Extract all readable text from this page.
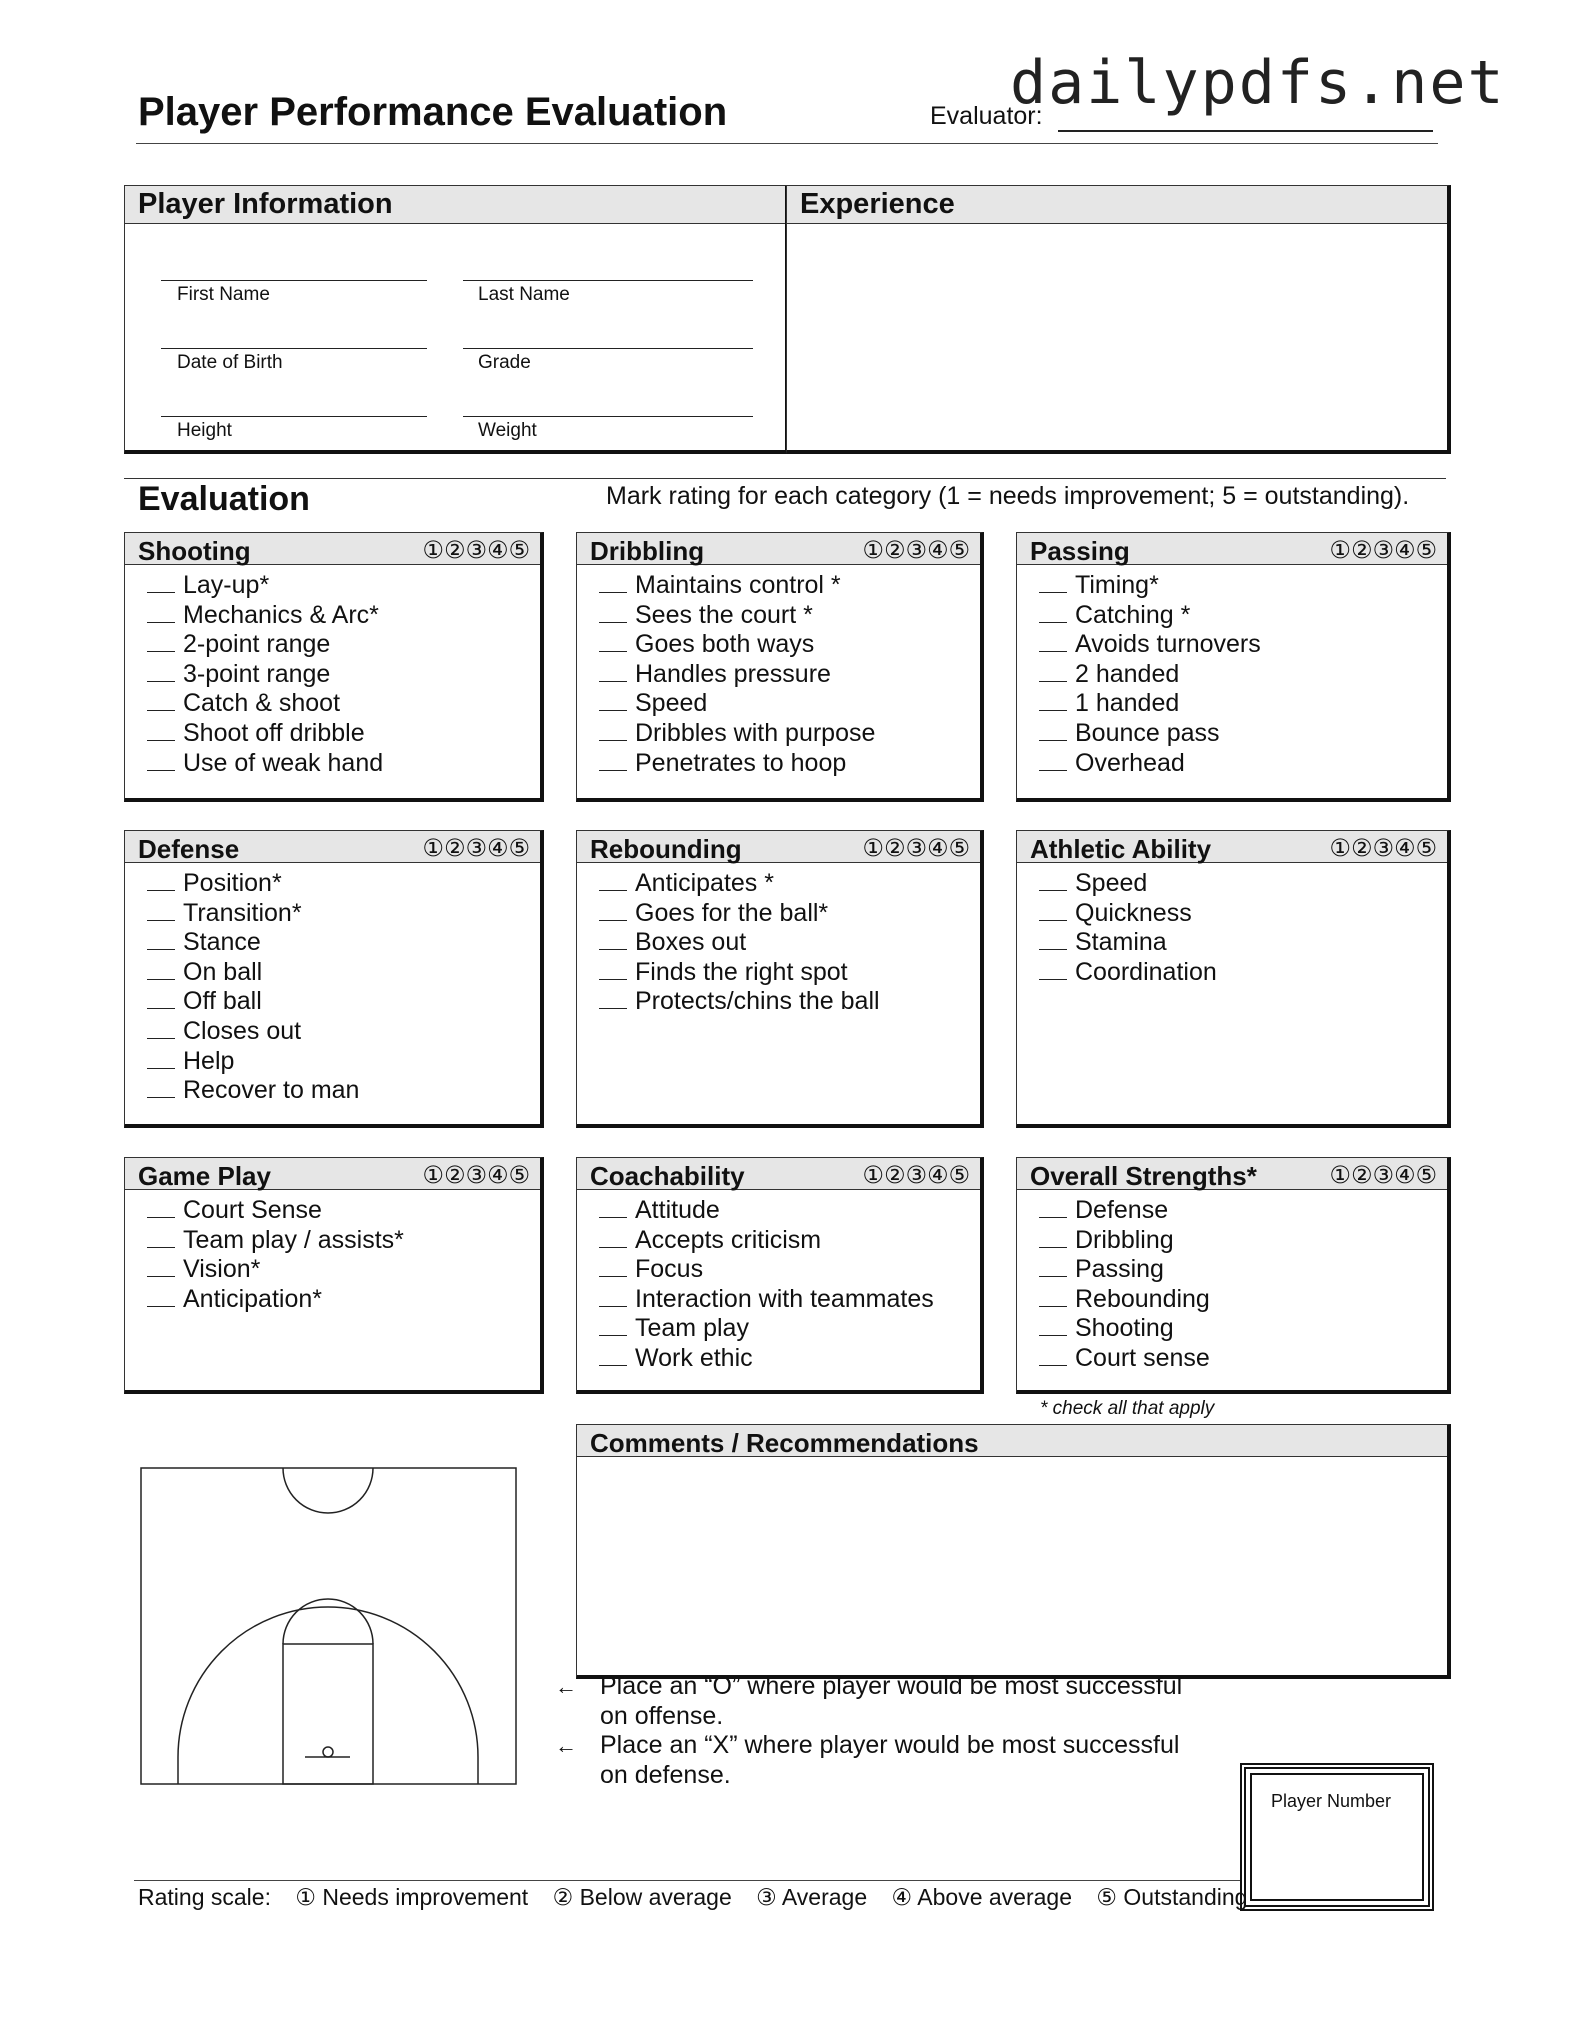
dailypdfs.net
Player Performance Evaluation	Evaluator:
Player Information
First Name	Last Name
Date of Birth	Grade
Height	Weight
Experience
Evaluation	Mark rating for each category (1 = needs improvement; 5 = outstanding).
Shooting	①②③④⑤
Lay-up*
Mechanics & Arc*
2-point range
3-point range
Catch & shoot
Shoot off dribble
Use of weak hand
Dribbling	①②③④⑤
Maintains control *
Sees the court *
Goes both ways
Handles pressure
Speed
Dribbles with purpose
Penetrates to hoop
Passing	①②③④⑤
Timing*
Catching *
Avoids turnovers
2 handed
1 handed
Bounce pass
Overhead
Defense	①②③④⑤
Position*
Transition*
Stance
On ball
Off ball
Closes out
Help
Recover to man
Rebounding	①②③④⑤
Anticipates *
Goes for the ball*
Boxes out
Finds the right spot
Protects/chins the ball
Athletic Ability	①②③④⑤
Speed
Quickness
Stamina
Coordination
Game Play	①②③④⑤
Court Sense
Team play / assists*
Vision*
Anticipation*
Coachability	①②③④⑤
Attitude
Accepts criticism
Focus
Interaction with teammates
Team play
Work ethic
Overall Strengths*	①②③④⑤
Defense
Dribbling
Passing
Rebounding
Shooting
Court sense
* check all that apply
Comments / Recommendations
← Place an “O” where player would be most successful
on offense.
← Place an “X” where player would be most successful
on defense.
Player Number
Rating scale: ① Needs improvement ② Below average ③ Average ④ Above average ⑤ Outstanding
